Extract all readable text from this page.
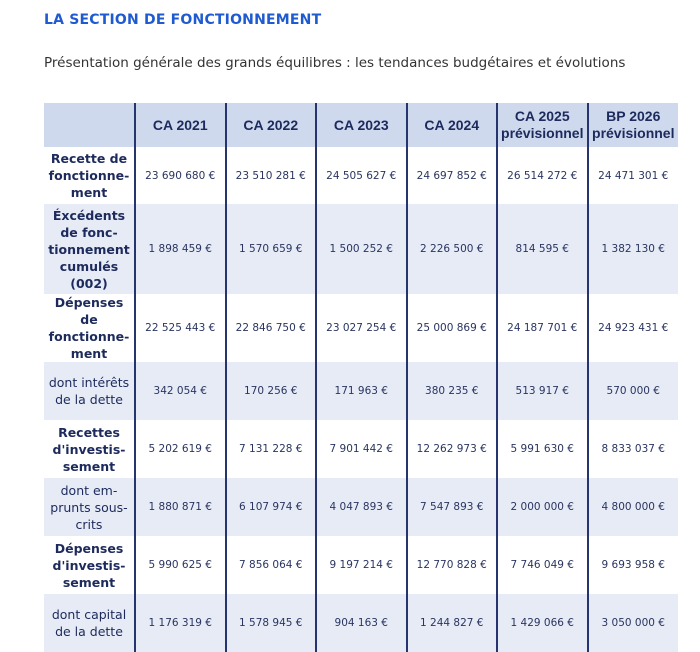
LA SECTION DE FONCTIONNEMENT
Présentation générale des grands équilibres : les tendances budgétaires et évolutions
	CA 2021	CA 2022	CA 2023	CA 2024	CA 2025 prévisionnel	BP 2026 prévisionnel
Recette de fonctionne-ment	23 690 680 €	23 510 281 €	24 505 627 €	24 697 852 €	26 514 272 €	24 471 301 €
Éxcédents de fonc-tionnement cumulés (002)	1 898 459 €	1 570 659 €	1 500 252 €	2 226 500 €	814 595 €	1 382 130 €
Dépenses de fonctionne-ment	22 525 443 €	22 846 750 €	23 027 254 €	25 000 869 €	24 187 701 €	24 923 431 €
dont intérêts de la dette	342 054 €	170 256 €	171 963 €	380 235 €	513 917 €	570 000 €
Recettes d'investis-sement	5 202 619 €	7 131 228 €	7 901 442 €	12 262 973 €	5 991 630 €	8 833 037 €
dont em-prunts sous-crits	1 880 871 €	6 107 974 €	4 047 893 €	7 547 893 €	2 000 000 €	4 800 000 €
Dépenses d'investis-sement	5 990 625 €	7 856 064 €	9 197 214 €	12 770 828 €	7 746 049 €	9 693 958 €
dont capital de la dette	1 176 319 €	1 578 945 €	904 163 €	1 244 827 €	1 429 066 €	3 050 000 €
